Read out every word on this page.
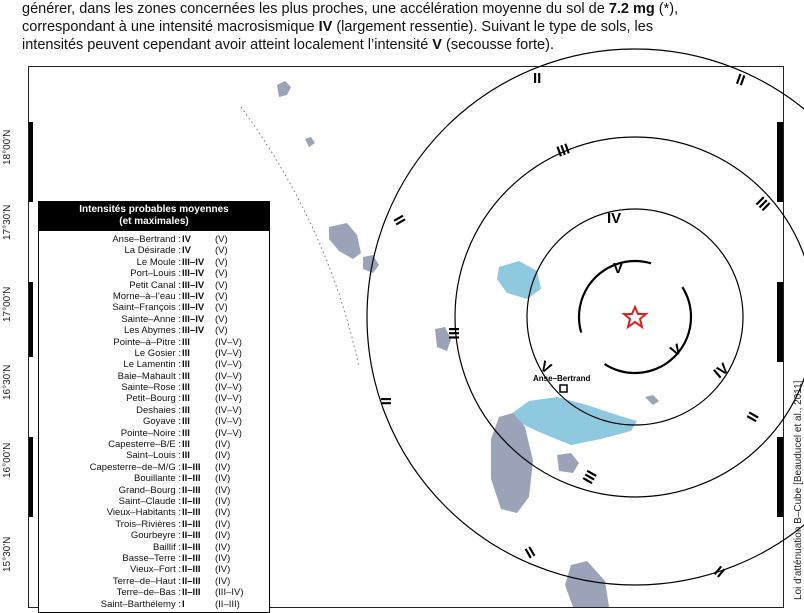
générer, dans les zones concernées les plus proches, une accélération moyenne du sol de 7.2 mg (*),

correspondant à une intensité macrosismique IV (largement ressentie). Suivant le type de sols, les

intensités peuvent cependant avoir atteint localement l’intensité V (secousse forte).

18°00'N
17°30'N
17°00'N
16°30'N
16°00'N
15°30'N
V
V
V
IV
IV
III
III
III
III
II	II
II
II
II
II
II
Anse–Bertrand
Intensités probables moyennes
(et maximales)
Anse–Bertrand : IV	(V)
La Désirade : IV	(V)
Le Moule : III–IV (V)
Port–Louis : III–IV (V)
Petit Canal : III–IV (V)
Morne–à–l’eau : III–IV (V)
Saint–François : III–IV (V)
Sainte–Anne : III–IV (V)
Les Abymes : III–IV (V)
Pointe–à–Pitre : III	(IV–V)
Le Gosier : III	(IV–V)
Le Lamentin : III	(IV–V)
Baie–Mahault : III	(IV–V)
Sainte–Rose : III	(IV–V)
Petit–Bourg : III	(IV–V)
Deshaies : III	(IV–V)
Goyave : III	(IV–V)
Pointe–Noire : III	(IV–V)
Capesterre–B/E : III	(IV)
Saint–Louis : III	(IV)
Capesterre–de–M/G : II–III (IV)
Bouillante : II–III (IV)
Grand–Bourg : II–III (IV)
Saint–Claude : II–III (IV)
Vieux–Habitants : II–III (IV)
Trois–Rivières : II–III (IV)
Gourbeyre : II–III (IV)
Baillif : II–III (IV)
Basse–Terre : II–III (IV)
Vieux–Fort : II–III (IV)
Terre–de–Haut : II–III (IV)
Terre–de–Bas : II–III (III–IV)
Saint–Barthélemy : I	(II–III)
Loi d’atténuation B–Cube [Beauducel et al., 2011]
